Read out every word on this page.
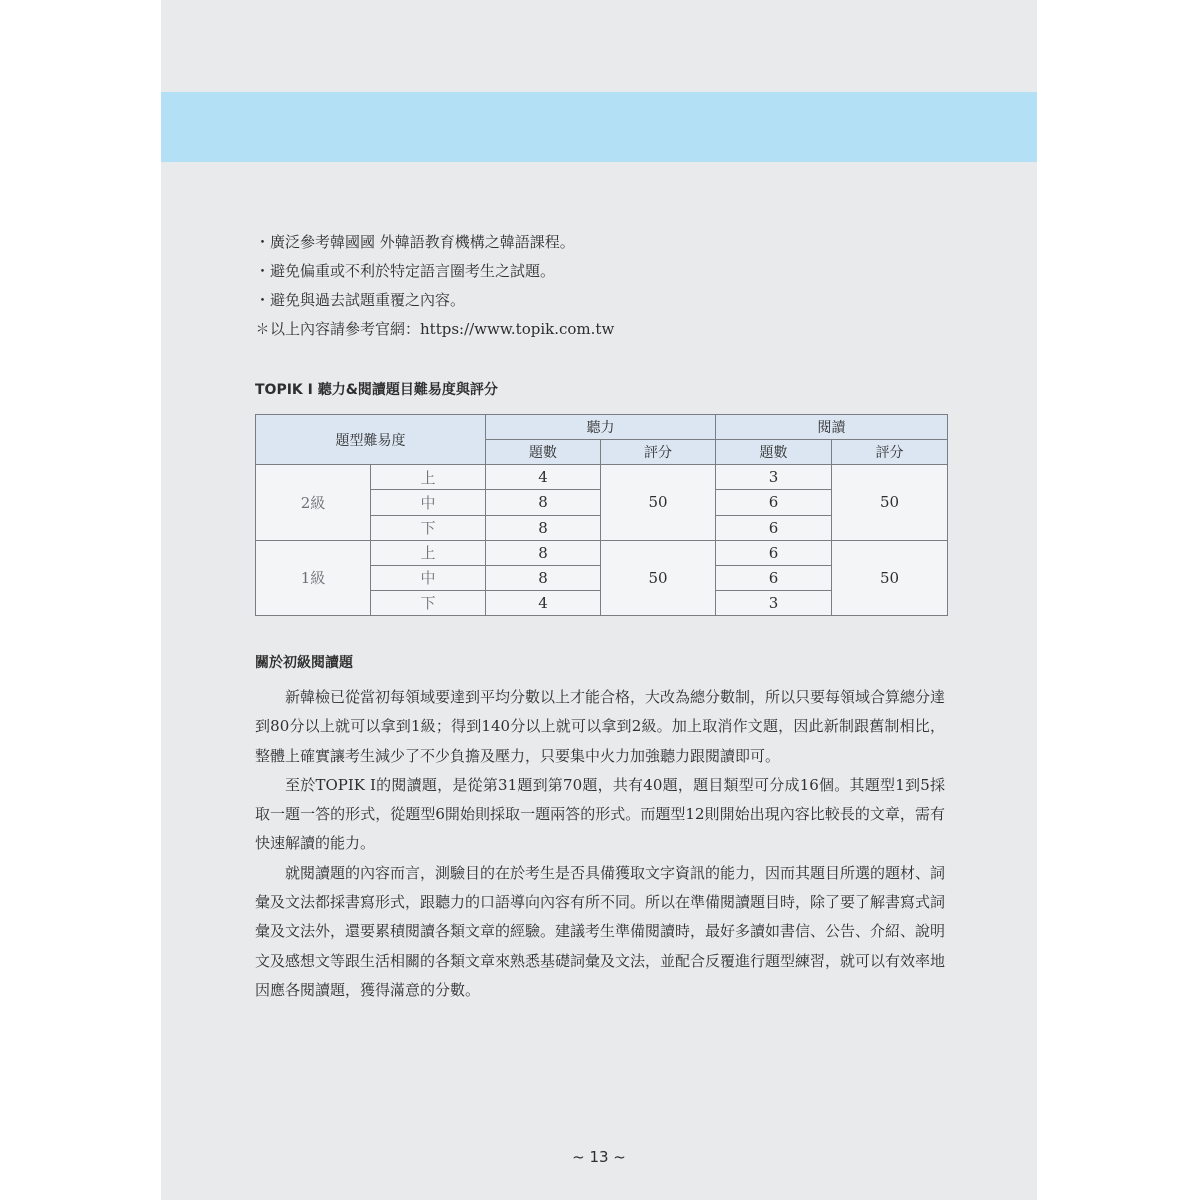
・廣泛參考韓國國 外韓語教育機構之韓語課程。
・避免偏重或不利於特定語言圈考生之試題。
・避免與過去試題重覆之內容。
✽以上內容請參考官網：https://www.topik.com.tw
TOPIK I 聽力&閱讀題目難易度與評分
題型難易度		聽力		閱讀	
		題數	評分	題數	評分
2級	上	4	50	3	50
	中	8		6	
	下	8		6	
1級	上	8	50	6	50
	中	8		6	
	下	4		3	
關於初級閱讀題

新韓檢已從當初每領域要達到平均分數以上才能合格，大改為總分數制，所以只要每領域合算總分達到80分以上就可以拿到1級；得到140分以上就可以拿到2級。加上取消作文題，因此新制跟舊制相比，整體上確實讓考生減少了不少負擔及壓力，只要集中火力加強聽力跟閱讀即可。

至於TOPIK I的閱讀題，是從第31題到第70題，共有40題，題目類型可分成16個。其題型1到5採取一題一答的形式，從題型6開始則採取一題兩答的形式。而題型12則開始出現內容比較長的文章，需有快速解讀的能力。

就閱讀題的內容而言，測驗目的在於考生是否具備獲取文字資訊的能力，因而其題目所選的題材、詞彙及文法都採書寫形式，跟聽力的口語導向內容有所不同。所以在準備閱讀題目時，除了要了解書寫式詞彙及文法外，還要累積閱讀各類文章的經驗。建議考生準備閱讀時，最好多讀如書信、公告、介紹、說明文及感想文等跟生活相關的各類文章來熟悉基礎詞彙及文法，並配合反覆進行題型練習，就可以有效率地因應各閱讀題，獲得滿意的分數。

~ 13 ~
